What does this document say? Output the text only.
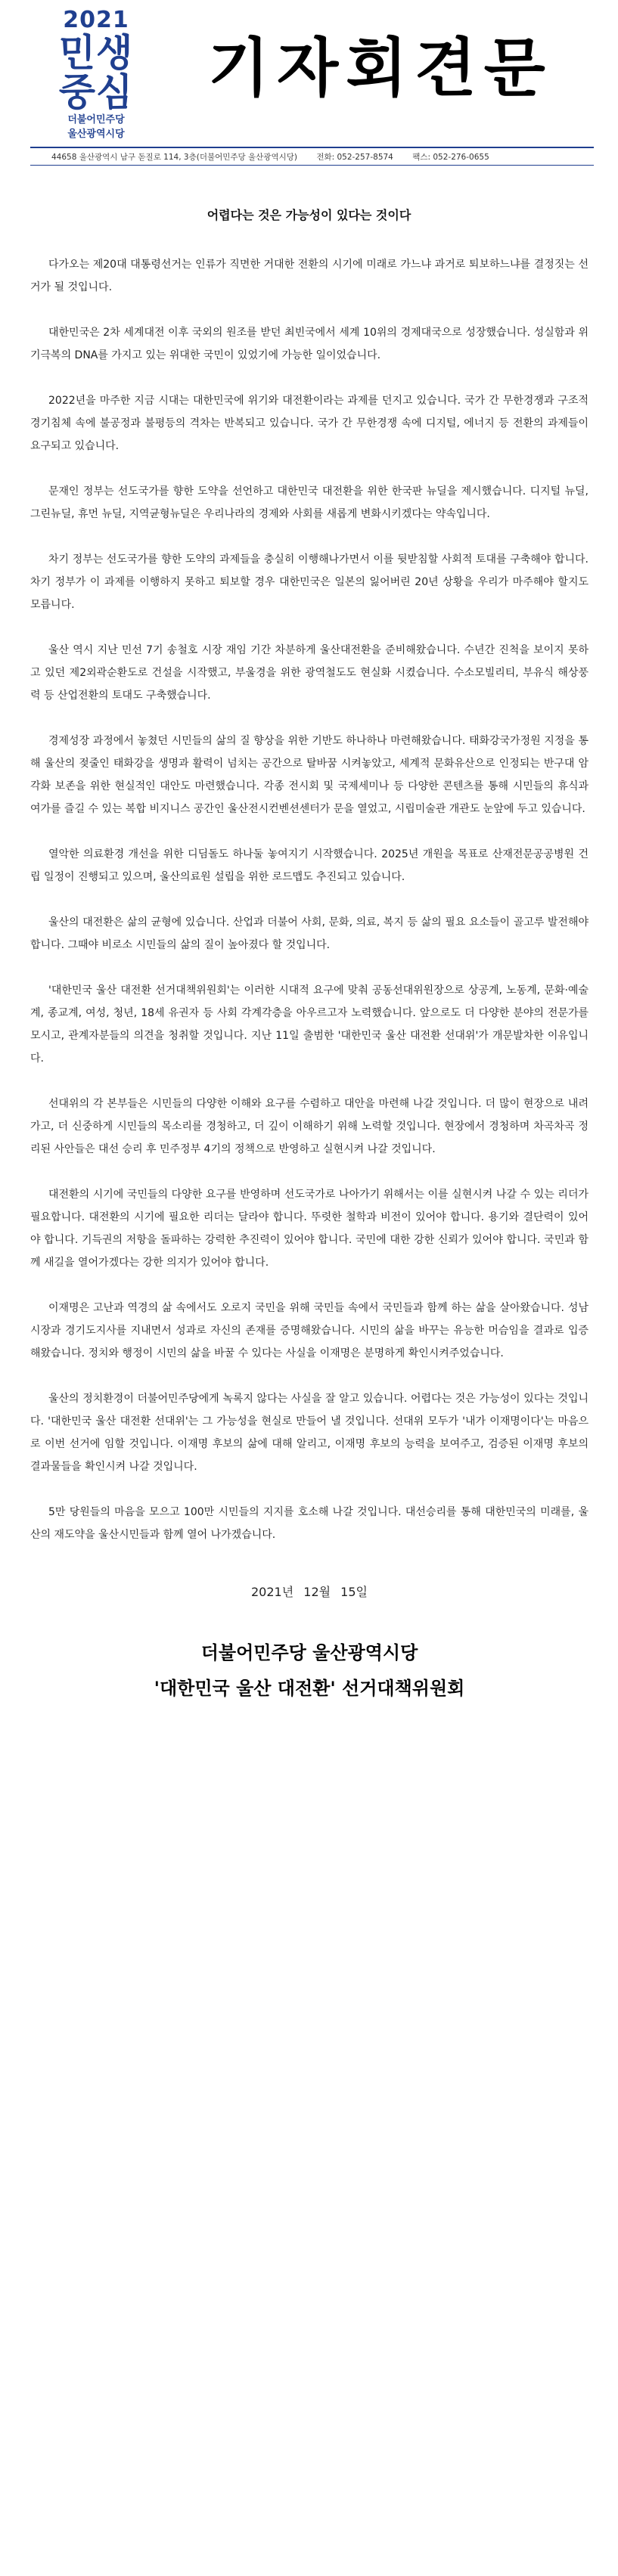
2021
민생
중심
더불어민주당
울산광역시당
기자회견문
44658 울산광역시 남구 돋질로 114, 3층(더불어민주당 울산광역시당) 전화: 052-257-8574 팩스: 052-276-0655
어렵다는 것은 가능성이 있다는 것이다

다가오는 제20대 대통령선거는 인류가 직면한 거대한 전환의 시기에 미래로 가느냐 과거로 퇴보하느냐를 결정짓는 선거가 될 것입니다.

대한민국은 2차 세계대전 이후 국외의 원조를 받던 최빈국에서 세계 10위의 경제대국으로 성장했습니다. 성실함과 위기극복의 DNA를 가지고 있는 위대한 국민이 있었기에 가능한 일이었습니다.

2022년을 마주한 지금 시대는 대한민국에 위기와 대전환이라는 과제를 던지고 있습니다. 국가 간 무한경쟁과 구조적 경기침체 속에 불공정과 불평등의 격차는 반복되고 있습니다. 국가 간 무한경쟁 속에 디지털, 에너지 등 전환의 과제들이 요구되고 있습니다.

문재인 정부는 선도국가를 향한 도약을 선언하고 대한민국 대전환을 위한 한국판 뉴딜을 제시했습니다. 디지털 뉴딜, 그린뉴딜, 휴먼 뉴딜, 지역균형뉴딜은 우리나라의 경제와 사회를 새롭게 변화시키겠다는 약속입니다.

차기 정부는 선도국가를 향한 도약의 과제들을 충실히 이행해나가면서 이를 뒷받침할 사회적 토대를 구축해야 합니다. 차기 정부가 이 과제를 이행하지 못하고 퇴보할 경우 대한민국은 일본의 잃어버린 20년 상황을 우리가 마주해야 할지도 모릅니다.

울산 역시 지난 민선 7기 송철호 시장 재임 기간 차분하게 울산대전환을 준비해왔습니다. 수년간 진척을 보이지 못하고 있던 제2외곽순환도로 건설을 시작했고, 부울경을 위한 광역철도도 현실화 시켰습니다. 수소모빌리티, 부유식 해상풍력 등 산업전환의 토대도 구축했습니다.

경제성장 과정에서 놓쳤던 시민들의 삶의 질 향상을 위한 기반도 하나하나 마련해왔습니다. 태화강국가정원 지정을 통해 울산의 젖줄인 태화강을 생명과 활력이 넘치는 공간으로 탈바꿈 시켜놓았고, 세계적 문화유산으로 인정되는 반구대 암각화 보존을 위한 현실적인 대안도 마련했습니다. 각종 전시회 및 국제세미나 등 다양한 콘텐츠를 통해 시민들의 휴식과 여가를 즐길 수 있는 복합 비지니스 공간인 울산전시컨벤션센터가 문을 열었고, 시립미술관 개관도 눈앞에 두고 있습니다.

열악한 의료환경 개선을 위한 디딤돌도 하나둘 놓여지기 시작했습니다. 2025년 개원을 목표로 산재전문공공병원 건립 일정이 진행되고 있으며, 울산의료원 설립을 위한 로드맵도 추진되고 있습니다.

울산의 대전환은 삶의 균형에 있습니다. 산업과 더불어 사회, 문화, 의료, 복지 등 삶의 필요 요소들이 골고루 발전해야 합니다. 그때야 비로소 시민들의 삶의 질이 높아졌다 할 것입니다.

'대한민국 울산 대전환 선거대책위원회'는 이러한 시대적 요구에 맞춰 공동선대위원장으로 상공계, 노동계, 문화·예술계, 종교계, 여성, 청년, 18세 유권자 등 사회 각계각층을 아우르고자 노력했습니다. 앞으로도 더 다양한 분야의 전문가를 모시고, 관계자분들의 의견을 청취할 것입니다. 지난 11일 출범한 '대한민국 울산 대전환 선대위'가 개문발차한 이유입니다.

선대위의 각 본부들은 시민들의 다양한 이해와 요구를 수렴하고 대안을 마련해 나갈 것입니다. 더 많이 현장으로 내려가고, 더 신중하게 시민들의 목소리를 경청하고, 더 깊이 이해하기 위해 노력할 것입니다. 현장에서 경청하며 차곡차곡 정리된 사안들은 대선 승리 후 민주정부 4기의 정책으로 반영하고 실현시켜 나갈 것입니다.

대전환의 시기에 국민들의 다양한 요구를 반영하며 선도국가로 나아가기 위해서는 이를 실현시켜 나갈 수 있는 리더가 필요합니다. 대전환의 시기에 필요한 리더는 달라야 합니다. 뚜렷한 철학과 비전이 있어야 합니다. 용기와 결단력이 있어야 합니다. 기득권의 저항을 돌파하는 강력한 추진력이 있어야 합니다. 국민에 대한 강한 신뢰가 있어야 합니다. 국민과 함께 새길을 열어가겠다는 강한 의지가 있어야 합니다.

이재명은 고난과 역경의 삶 속에서도 오로지 국민을 위해 국민들 속에서 국민들과 함께 하는 삶을 살아왔습니다. 성남시장과 경기도지사를 지내면서 성과로 자신의 존재를 증명해왔습니다. 시민의 삶을 바꾸는 유능한 머슴임을 결과로 입증해왔습니다. 정치와 행정이 시민의 삶을 바꿀 수 있다는 사실을 이재명은 분명하게 확인시켜주었습니다.

울산의 정치환경이 더불어민주당에게 녹록지 않다는 사실을 잘 알고 있습니다. 어렵다는 것은 가능성이 있다는 것입니다. '대한민국 울산 대전환 선대위'는 그 가능성을 현실로 만들어 낼 것입니다. 선대위 모두가 '내가 이재명이다'는 마음으로 이번 선거에 임할 것입니다. 이재명 후보의 삶에 대해 알리고, 이재명 후보의 능력을 보여주고, 검증된 이재명 후보의 결과물들을 확인시켜 나갈 것입니다.

5만 당원들의 마음을 모으고 100만 시민들의 지지를 호소해 나갈 것입니다. 대선승리를 통해 대한민국의 미래를, 울산의 재도약을 울산시민들과 함께 열어 나가겠습니다.

2021년 12월 15일
더불어민주당 울산광역시당
'대한민국 울산 대전환' 선거대책위원회
